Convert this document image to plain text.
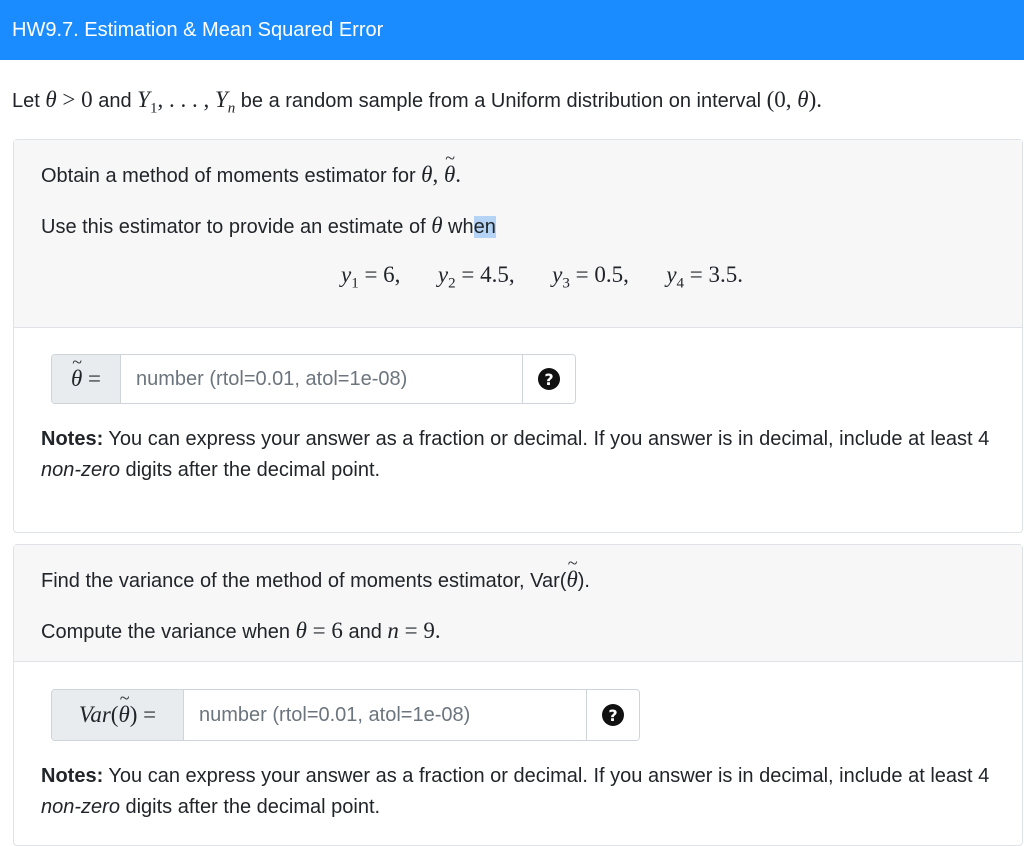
HW9.7. Estimation & Mean Squared Error
Let θ > 0 and $Y_1$, . . . , $Y_n$ be a random sample from a Uniform distribution on interval (0, θ).
Obtain a method of moments estimator for θ, ~ θ.
Use this estimator to provide an estimate of θ when
$y_1 = 6$, $y_2 = 4.5$, $y_3 = 0.5$, $y_4 = 3.5$.
~ θ =
number (rtol=0.01, atol=1e-08)	?
Notes: You can express your answer as a fraction or decimal. If you answer is in decimal, include at least 4 non-zero digits after the decimal point.
Find the variance of the method of moments estimator, Var(~ θ).
Compute the variance when θ = 6 and n = 9.
Var (
~ θ ) =
number (rtol=0.01, atol=1e-08)	?
Notes: You can express your answer as a fraction or decimal. If you answer is in decimal, include at least 4 non-zero digits after the decimal point.
